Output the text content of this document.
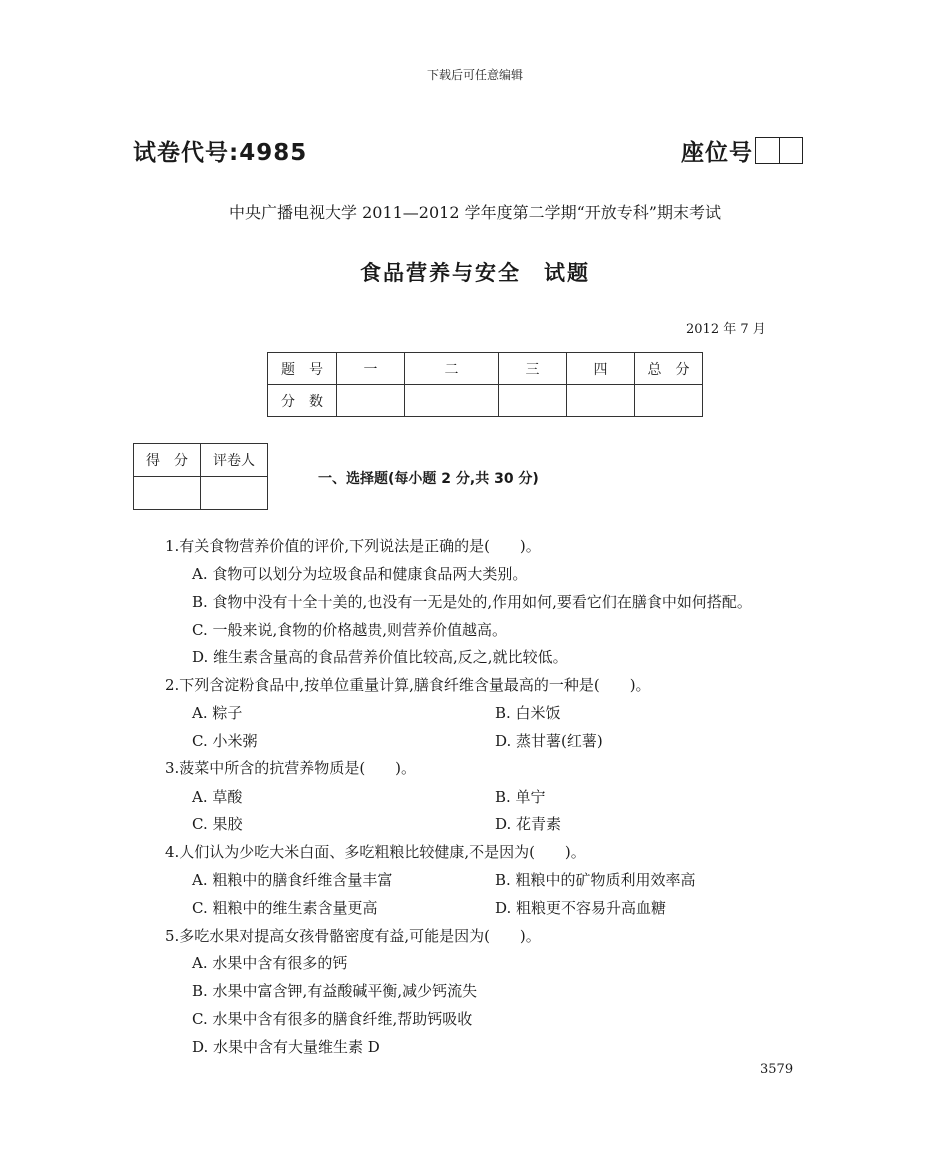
下载后可任意编辑
试卷代号:4985	座位号
中央广播电视大学 2011—2012 学年度第二学期“开放专科”期末考试
食品营养与安全　试题
2012 年 7 月
题　号	一	二	三	四	总　分
分　数					
得　分	评卷人

一、选择题(每小题 2 分,共 30 分)
1.有关食物营养价值的评价,下列说法是正确的是(　　)。
A. 食物可以划分为垃圾食品和健康食品两大类别。
B. 食物中没有十全十美的,也没有一无是处的,作用如何,要看它们在膳食中如何搭配。
C. 一般来说,食物的价格越贵,则营养价值越高。
D. 维生素含量高的食品营养价值比较高,反之,就比较低。
2.下列含淀粉食品中,按单位重量计算,膳食纤维含量最高的一种是(　　)。
A. 粽子	B. 白米饭
C. 小米粥	D. 蒸甘薯(红薯)
3.菠菜中所含的抗营养物质是(　　)。
A. 草酸	B. 单宁
C. 果胶	D. 花青素
4.人们认为少吃大米白面、多吃粗粮比较健康,不是因为(　　)。
A. 粗粮中的膳食纤维含量丰富	B. 粗粮中的矿物质利用效率高
C. 粗粮中的维生素含量更高	D. 粗粮更不容易升高血糖
5.多吃水果对提高女孩骨骼密度有益,可能是因为(　　)。
A. 水果中含有很多的钙
B. 水果中富含钾,有益酸碱平衡,减少钙流失
C. 水果中含有很多的膳食纤维,帮助钙吸收
D. 水果中含有大量维生素 D
3579
